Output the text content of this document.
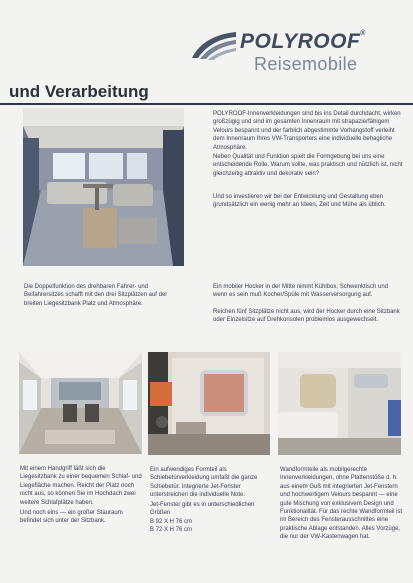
POLYROOF®
Reisemobile
und Verarbeitung
POLYROOF-Innenverkleidungen sind bis ins Detail durchdacht, wirken großzügig und sind im gesamten Innenraum mit strapazierfähigem Velours bespannt und der farblich abgestimmte Vorhangstoff verleiht dem Innenraum Ihres VW-Transporters eine individuelle behagliche Atmosphäre.
Neben Qualität und Funktion spielt die Formgebung bei uns eine entscheidende Rolle. Warum sollte, was praktisch und nützlich ist, nicht gleichzeitig attraktiv und dekorativ sein?
Und so investieren wir bei der Entwicklung und Gestaltung eben grundsätzlich ein wenig mehr an Ideen, Zeit und Mühe als üblich.
Die Doppelfunktion des drehbaren Fahrer- und Beifahrersitzes schafft mit den drei Sitzplätzen auf der breiten Liegesitzbank Platz und Atmosphäre.
Ein mobiler Hocker in der Mitte nimmt Kühlbox, Schwenktisch und wenn es sein muß Kocher/Spüle mit Wasserversorgung auf.
Reichen fünf Sitzplätze nicht aus, wird der Hocker durch eine Sitzbank oder Einzelsitze auf Drehkonsolen problemlos ausgewechselt.
Mit einem Handgriff läßt sich die Liegesitzbank zu einer bequemen Schlaf- und Liegefläche machen. Reicht der Platz noch nicht aus, so können Sie im Hochdach zwei weitere Schlafplätze haben.
Und noch eins — ein großer Stauraum befindet sich unter der Sitzbank.
Ein aufwendiges Formteil als Schiebetürverkleidung umfaßt die ganze Schiebetür. Integrierte Jet-Fenster unterstreichen die individuelle Note.
Jet-Fenster gibt es in unterschiedlichen Größen

B 92 X H 76 cm

B 72 X H 76 cm

Wandformteile als mobilgerechte Innenverkleidungen, ohne Plattenstöße d. h. aus einem Guß mit integrierten Jet-Fenstern und hochwertigem Velours bespannt — eine gute Mischung von exklusivem Design und Funktionalität. Für das rechte Wandformteil ist im Bereich des Fensterausschnittes eine praktische Ablage entstanden. Alles Vorzüge, die nur der VW-Kastenwagen hat.
